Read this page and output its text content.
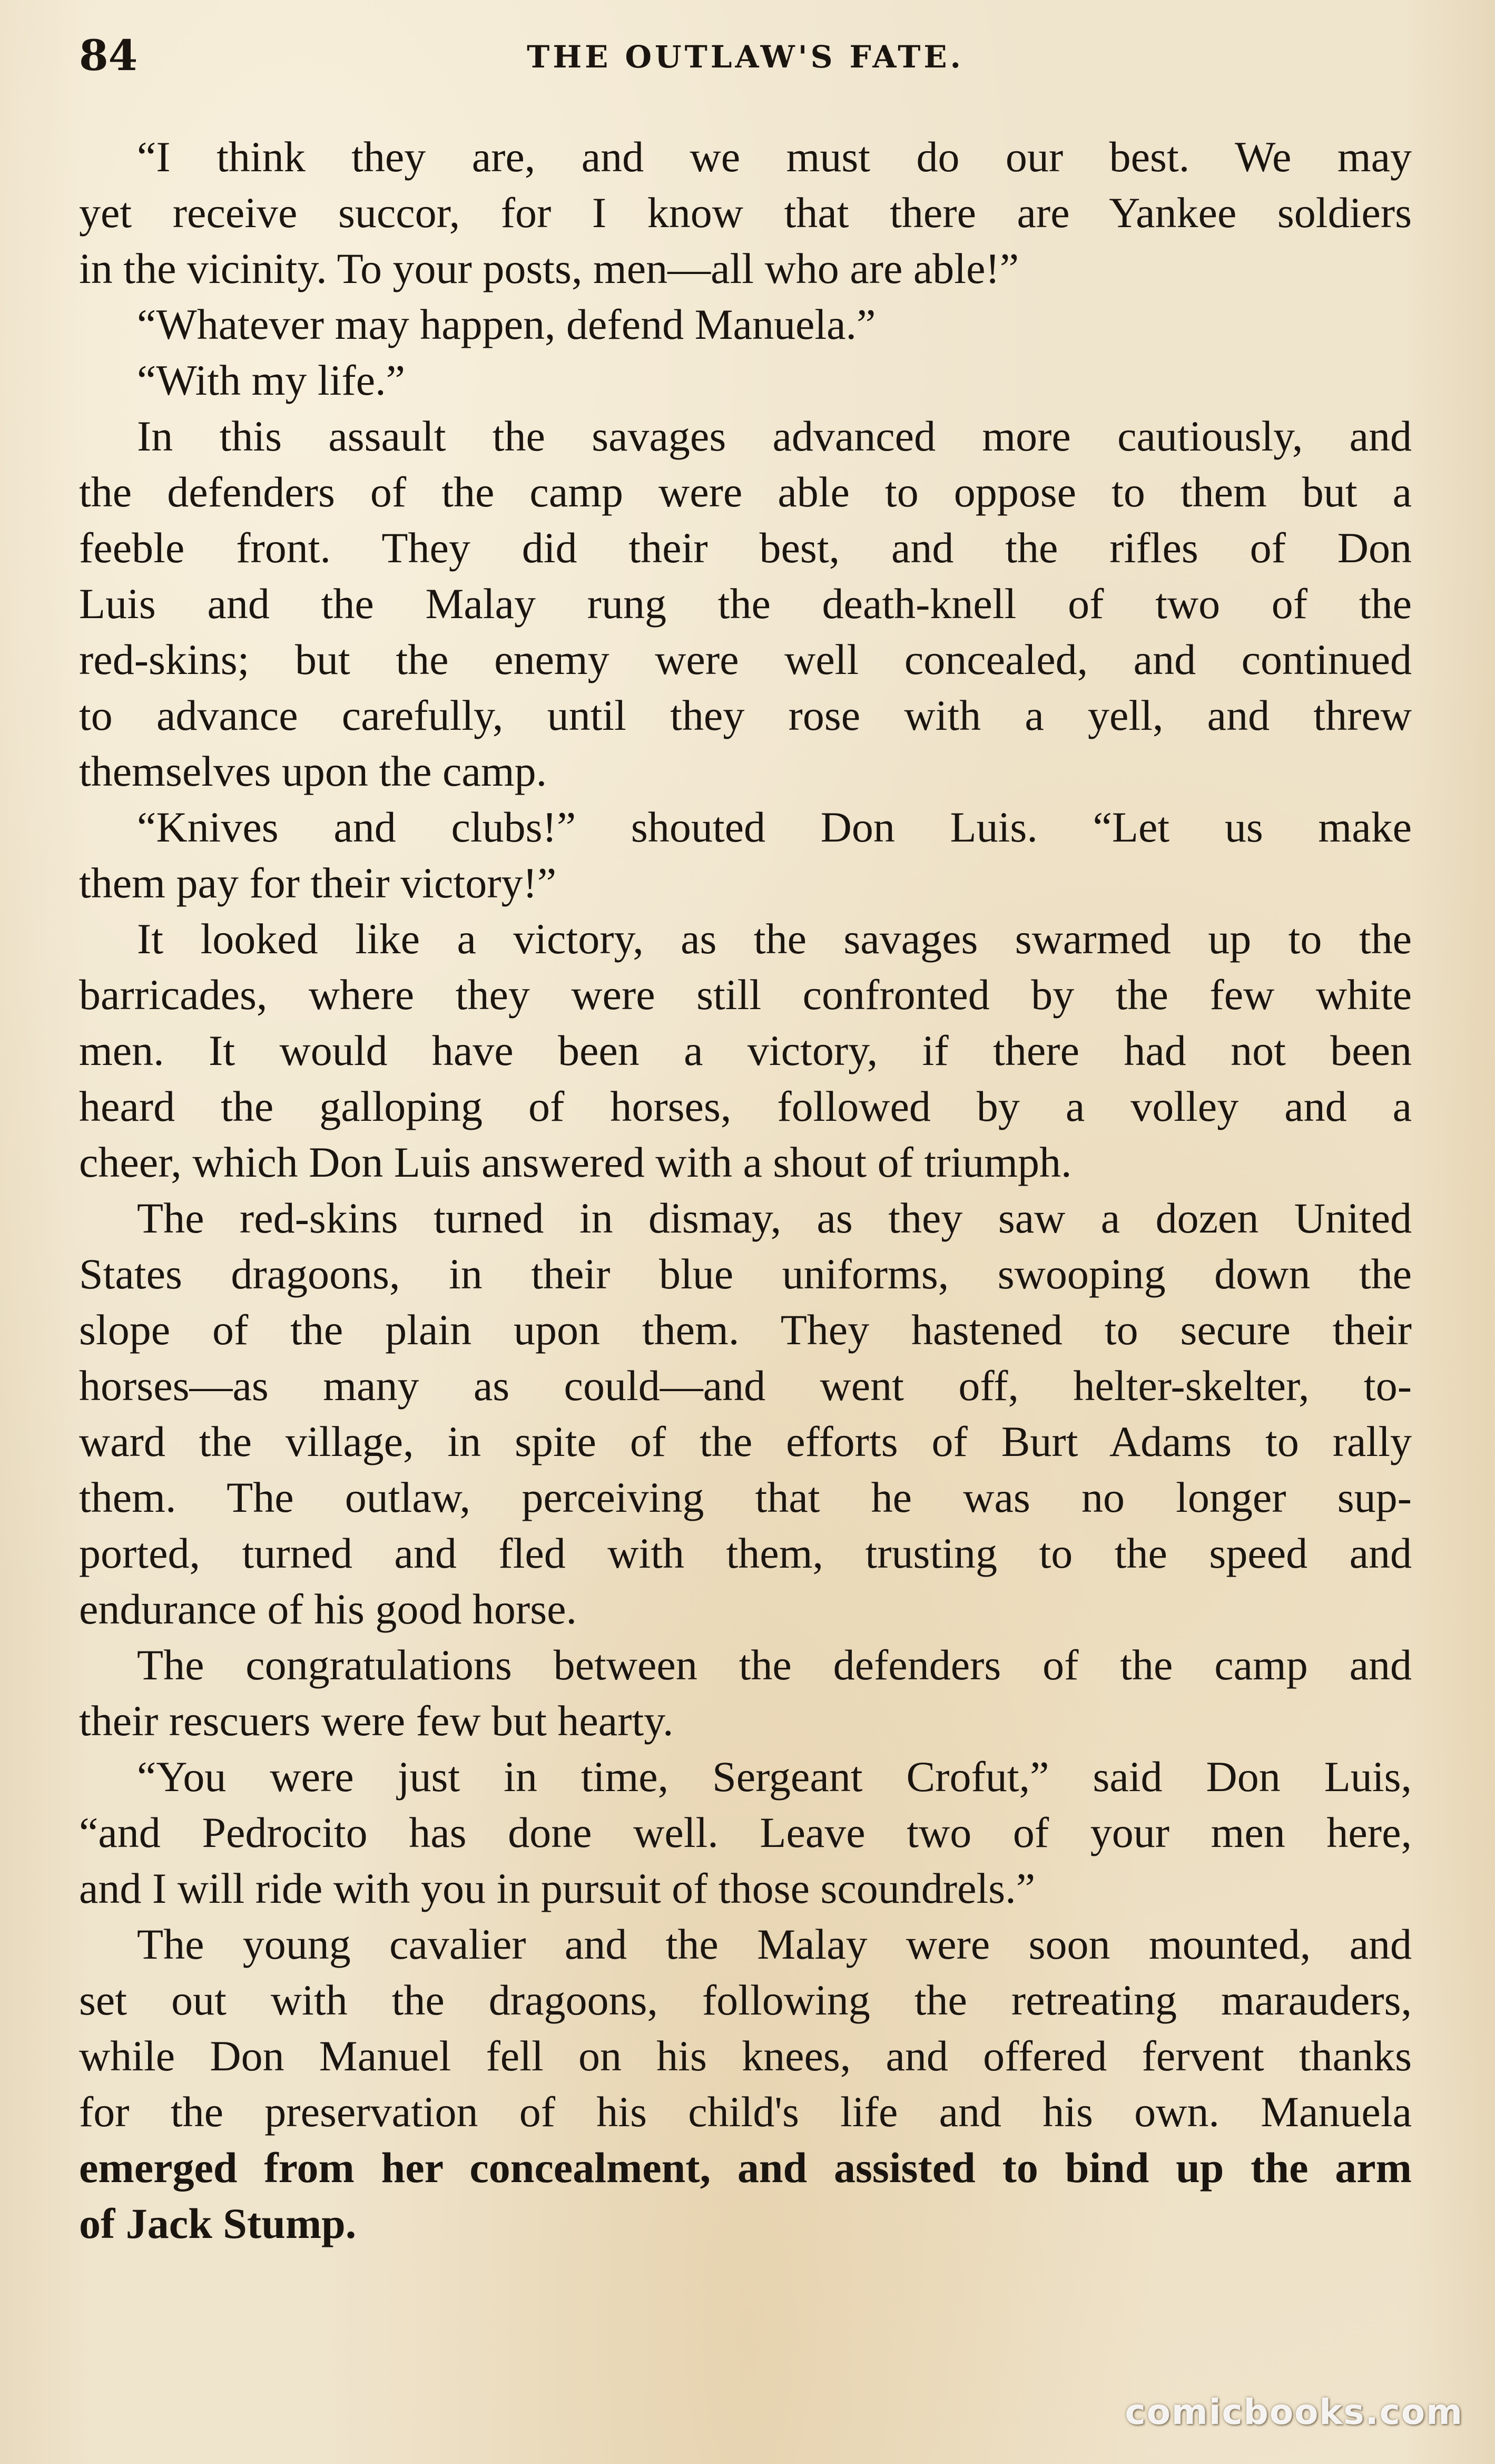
84	THE OUTLAW'S FATE.
“I think they are, and we must do our best. We may
yet receive succor, for I know that there are Yankee soldiers
in the vicinity. To your posts, men—all who are able!”
“Whatever may happen, defend Manuela.”
“With my life.”
In this assault the savages advanced more cautiously, and
the defenders of the camp were able to oppose to them but a
feeble front. They did their best, and the rifles of Don
Luis and the Malay rung the death-knell of two of the
red-skins; but the enemy were well concealed, and continued
to advance carefully, until they rose with a yell, and threw
themselves upon the camp.
“Knives and clubs!” shouted Don Luis. “Let us make
them pay for their victory!”
It looked like a victory, as the savages swarmed up to the
barricades, where they were still confronted by the few white
men. It would have been a victory, if there had not been
heard the galloping of horses, followed by a volley and a
cheer, which Don Luis answered with a shout of triumph.
The red-skins turned in dismay, as they saw a dozen United
States dragoons, in their blue uniforms, swooping down the
slope of the plain upon them. They hastened to secure their
horses—as many as could—and went off, helter-skelter, to-
ward the village, in spite of the efforts of Burt Adams to rally
them. The outlaw, perceiving that he was no longer sup-
ported, turned and fled with them, trusting to the speed and
endurance of his good horse.
The congratulations between the defenders of the camp and
their rescuers were few but hearty.
“You were just in time, Sergeant Crofut,” said Don Luis,
“and Pedrocito has done well. Leave two of your men here,
and I will ride with you in pursuit of those scoundrels.”
The young cavalier and the Malay were soon mounted, and
set out with the dragoons, following the retreating marauders,
while Don Manuel fell on his knees, and offered fervent thanks
for the preservation of his child's life and his own. Manuela
emerged from her concealment, and assisted to bind up the arm
of Jack Stump.
comicbooks.com
